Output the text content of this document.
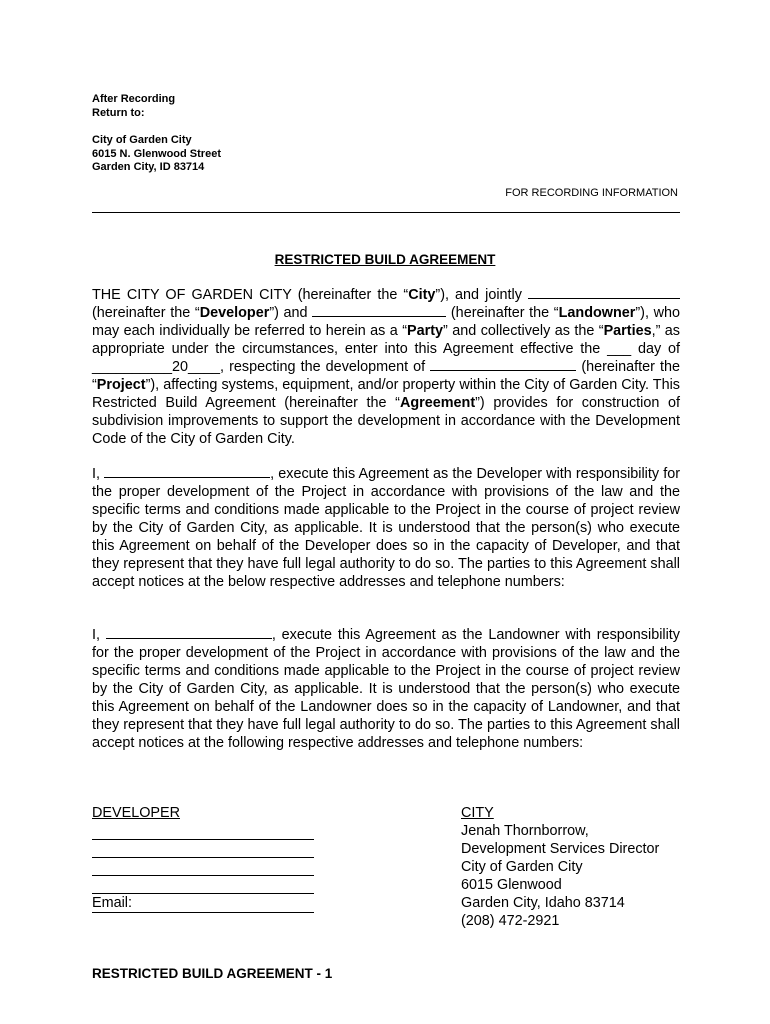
After Recording
Return to:
City of Garden City
6015 N. Glenwood Street
Garden City, ID 83714
FOR RECORDING INFORMATION
RESTRICTED BUILD AGREEMENT

THE CITY OF GARDEN CITY (hereinafter the “City”), and jointly  (hereinafter the “Developer”) and	(hereinafter the “Landowner”), who may each individually be referred to herein as a “Party” and collectively as the “Parties,” as appropriate under the circumstances, enter into this Agreement effective the ___ day of __________20____, respecting the development of	(hereinafter the “Project”), affecting systems, equipment, and/or property within the City of Garden City. This Restricted Build Agreement (hereinafter the “Agreement”) provides for construction of subdivision improvements to support the development in accordance with the Development Code of the City of Garden City.

I,	, execute this Agreement as the Developer with responsibility for the proper development of the Project in accordance with provisions of the law and the specific terms and conditions made applicable to the Project in the course of project review by the City of Garden City, as applicable. It is understood that the person(s) who execute this Agreement on behalf of the Developer does so in the capacity of Developer, and that they represent that they have full legal authority to do so. The parties to this Agreement shall accept notices at the below respective addresses and telephone numbers:

I,	, execute this Agreement as the Landowner with responsibility for the proper development of the Project in accordance with provisions of the law and the specific terms and conditions made applicable to the Project in the course of project review by the City of Garden City, as applicable. It is understood that the person(s) who execute this Agreement on behalf of the Landowner does so in the capacity of Landowner, and that they represent that they have full legal authority to do so. The parties to this Agreement shall accept notices at the following respective addresses and telephone numbers:

DEVELOPER
Email:
CITY
Jenah Thornborrow,
Development Services Director
City of Garden City
6015 Glenwood
Garden City, Idaho 83714
(208) 472-2921
RESTRICTED BUILD AGREEMENT - 1
